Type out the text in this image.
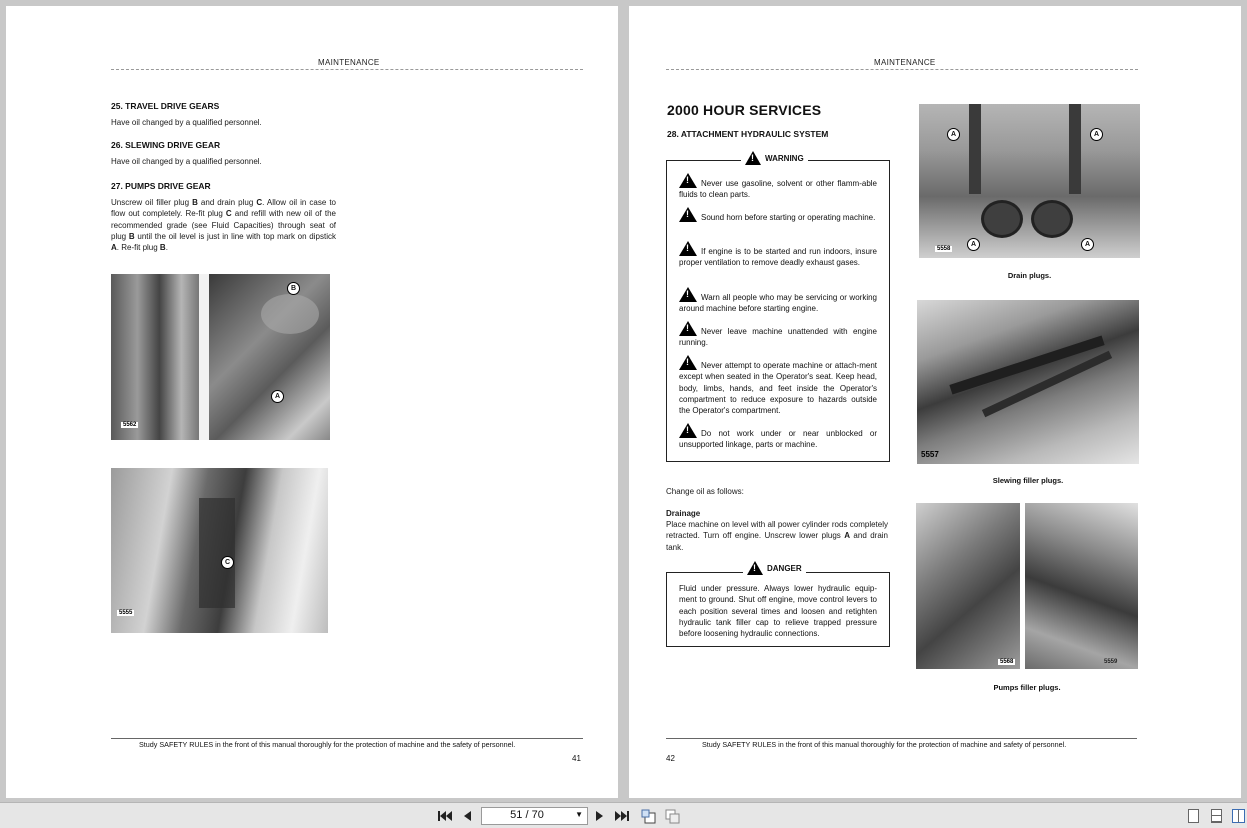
MAINTENANCE
25. TRAVEL DRIVE GEARS
Have oil changed by a qualified personnel.
26. SLEWING DRIVE GEAR
Have oil changed by a qualified personnel.
27. PUMPS DRIVE GEAR
Unscrew oil filler plug B and drain plug C. Allow oil in case to flow out completely. Re-fit plug C and refill with new oil of the recommended grade (see Fluid Capacities) through seat of plug B until the oil level is just in line with top mark on dipstick A. Re-fit plug B.
B
A
5562
C
5555
Study SAFETY RULES in the front of this manual thoroughly for the protection of machine and the safety of personnel.
41
MAINTENANCE
2000 HOUR SERVICES
28. ATTACHMENT HYDRAULIC SYSTEM
!
WARNING
!Never use gasoline, solvent or other flamm-able fluids to clean parts.
!Sound horn before starting or operating machine.
!If engine is to be started and run indoors, insure proper ventilation to remove deadly exhaust gases.
!Warn all people who may be servicing or working around machine before starting engine.
!Never leave machine unattended with engine running.
!Never attempt to operate machine or attach-ment except when seated in the Operator's seat. Keep head, body, limbs, hands, and feet inside the Operator's compartment to reduce exposure to hazards outside the Operator's compartment.
!Do not work under or near unblocked or unsupported linkage, parts or machine.
Change oil as follows:
Drainage
Place machine on level with all power cylinder rods completely retracted. Turn off engine. Unscrew lower plugs A and drain tank.
!
DANGER
Fluid under pressure. Always lower hydraulic equip-ment to ground. Shut off engine, move control levers to each position several times and loosen and retighten hydraulic tank filler cap to relieve trapped pressure before loosening hydraulic connections.
A	A
A	A
5558
Drain plugs.
5557
Slewing filler plugs.
5568	5559
Pumps filler plugs.
Study SAFETY RULES in the front of this manual thoroughly for the protection of machine and safety of personnel.
42
51 / 70	▼
